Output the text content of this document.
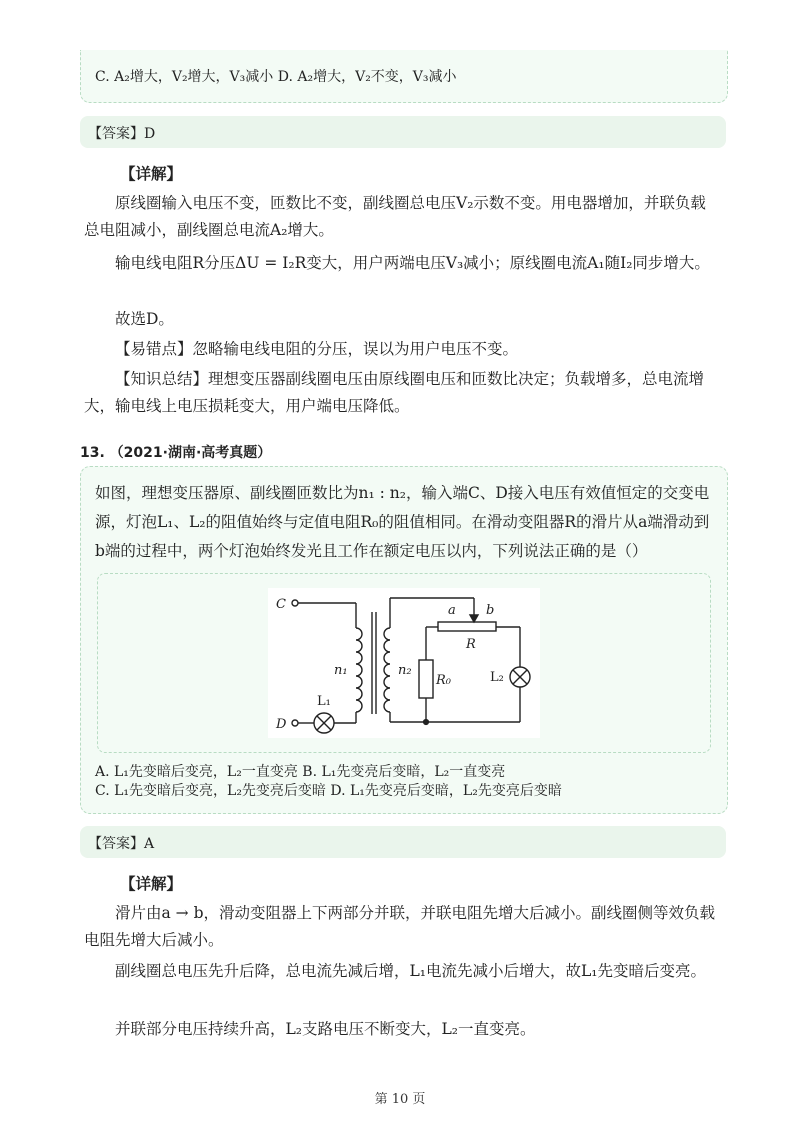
C. A₂增大，V₂增大，V₃减小 D. A₂增大，V₂不变，V₃减小
【答案】D
【详解】

原线圈输入电压不变，匝数比不变，副线圈总电压V₂示数不变。用电器增加，并联负载总电阻减小，副线圈总电流A₂增大。

输电线电阻R分压ΔU = I₂R变大，用户两端电压V₃减小；原线圈电流A₁随I₂同步增大。

故选D。

【易错点】忽略输电线电阻的分压，误以为用户电压不变。

【知识总结】理想变压器副线圈电压由原线圈电压和匝数比决定；负载增多，总电流增大，输电线上电压损耗变大，用户端电压降低。

13. （2021·湖南·高考真题）

如图，理想变压器原、副线圈匝数比为n₁ : n₂，输入端C、D接入电压有效值恒定的交变电源，灯泡L₁、L₂的阻值始终与定值电阻R₀的阻值相同。在滑动变阻器R的滑片从a端滑动到b端的过程中，两个灯泡始终发光且工作在额定电压以内，下列说法正确的是（）

C
D
n₁	n₂
L₁
L₂
R₀
R
a b
A. L₁先变暗后变亮，L₂一直变亮 B. L₁先变亮后变暗，L₂一直变亮
C. L₁先变暗后变亮，L₂先变亮后变暗 D. L₁先变亮后变暗，L₂先变亮后变暗
【答案】A
【详解】

滑片由a → b，滑动变阻器上下两部分并联，并联电阻先增大后减小。副线圈侧等效负载电阻先增大后减小。

副线圈总电压先升后降，总电流先减后增，L₁电流先减小后增大，故L₁先变暗后变亮。

并联部分电压持续升高，L₂支路电压不断变大，L₂一直变亮。

第 10 页
